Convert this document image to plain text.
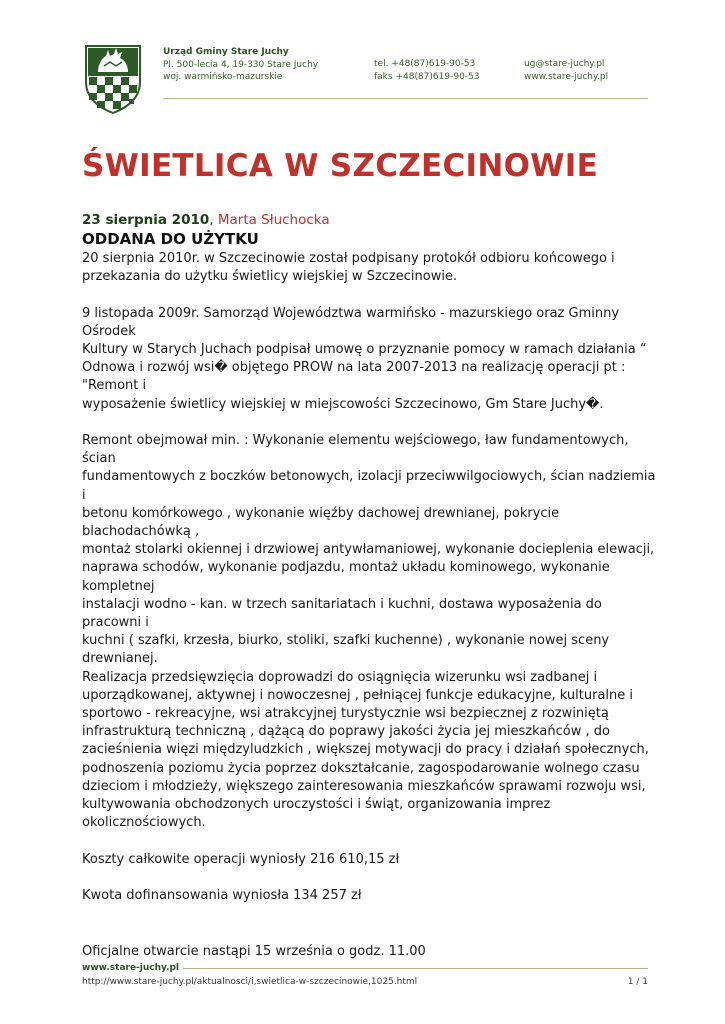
Urząd Gminy Stare Juchy
Pl. 500-lecia 4, 19-330 Stare Juchy
woj. warmińsko-mazurskie
tel. +48(87)619-90-53
faks +48(87)619-90-53
ug@stare-juchy.pl
www.stare-juchy.pl
ŚWIETLICA W SZCZECINOWIE
23 sierpnia 2010, Marta Słuchocka
ODDANA DO UŻYTKU

20 sierpnia 2010r. w Szczecinowie został podpisany protokół odbioru końcowego i
przekazania do użytku świetlicy wiejskiej w Szczecinowie.

9 listopada 2009r. Samorząd Województwa warmińsko - mazurskiego oraz Gminny Ośrodek
Kultury w Starych Juchach podpisał umowę o przyznanie pomocy w ramach działania “
Odnowa i rozwój wsi� objętego PROW na lata 2007-2013 na realizację operacji pt : "Remont i
wyposażenie świetlicy wiejskiej w miejscowości Szczecinowo, Gm Stare Juchy�.

Remont obejmował min. : Wykonanie elementu wejściowego, ław fundamentowych, ścian
fundamentowych z boczków betonowych, izolacji przeciwwilgociowych, ścian nadziemia i
betonu komórkowego , wykonanie więźby dachowej drewnianej, pokrycie blachodachówką ,
montaż stolarki okiennej i drzwiowej antywłamaniowej, wykonanie docieplenia elewacji,
naprawa schodów, wykonanie podjazdu, montaż układu kominowego, wykonanie kompletnej
instalacji wodno - kan. w trzech sanitariatach i kuchni, dostawa wyposażenia do pracowni i
kuchni ( szafki, krzesła, biurko, stoliki, szafki kuchenne) , wykonanie nowej sceny drewnianej.
Realizacja przedsięwzięcia doprowadzi do osiągnięcia wizerunku wsi zadbanej i
uporządkowanej, aktywnej i nowoczesnej , pełniącej funkcje edukacyjne, kulturalne i
sportowo - rekreacyjne, wsi atrakcyjnej turystycznie wsi bezpiecznej z rozwiniętą
infrastrukturą techniczną , dążącą do poprawy jakości życia jej mieszkańców , do
zacieśnienia więzi międzyludzkich , większej motywacji do pracy i działań społecznych,
podnoszenia poziomu życia poprzez dokształcanie, zagospodarowanie wolnego czasu
dzieciom i młodzieży, większego zainteresowania mieszkańców sprawami rozwoju wsi,
kultywowania obchodzonych uroczystości i świąt, organizowania imprez okolicznościowych.

Koszty całkowite operacji wyniosły 216 610,15 zł

Kwota dofinansowania wyniosła 134 257 zł

Oficjalne otwarcie nastąpi 15 września o godz. 11.00

www.stare-juchy.pl
http://www.stare-juchy.pl/aktualnosci/i,swietlica-w-szczecinowie,1025.html	1 / 1
